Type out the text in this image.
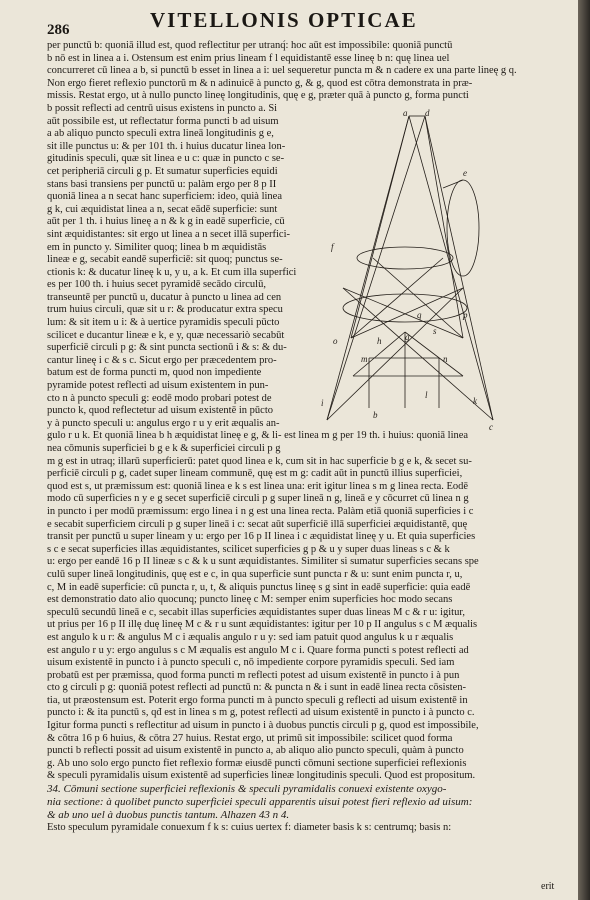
286	VITELLONIS OPTICAE
per punctū b: quoniā illud est, quod reflectitur per utranq́: hoc aūt est impossibile: quoniā punctū
b nō est in linea a i. Ostensum est enim prius lineam f l equidistantē esse lineę b n: quę linea uel
concurreret cū linea a b, si punctū b esset in linea a i: uel sequeretur puncta m & n cadere ex una parte lineę g q.
Non ergo fieret reflexio punctorū m & n adinuicē à puncto g, & g, quod est cōtra demonstrata in præ-
missis. Restat ergo, ut à nullo puncto lineę longitudinis, quę e g, præter quā à puncto g, forma puncti
b possit reflecti ad centrū uisus existens in puncto a. Si
aūt possibile est, ut reflectatur forma puncti b ad uisum
a ab aliquo puncto speculi extra lineā longitudinis g e,
sit ille punctus u: & per 101 th. i huius ducatur linea lon-
gitudinis speculi, quæ sit linea e u c: quæ in puncto c se-
cet peripheriā circuli g p. Et sumatur superficies equidi
stans basi transiens per punctū u: palàm ergo per 8 p II
quoniā linea a n secat hanc superficiem: ideo, quià linea
g k, cui æquidistat linea a n, secat eādē superficie: sunt
aūt per 1 th. i huius lineę a n & k g in eadē superficie, cū
sint æquidistantes: sit ergo ut linea a n secet illā superfici-
em in puncto y. Similiter quoq; linea b m æquidistās
lineæ e g, secabit eandē superficiē: sit quoq; punctus se-
ctionis k: & ducatur lineę k u, y u, a k. Et cum illa superfici
es per 100 th. i huius secet pyramidē secādo circulū,
transeuntē per punctū u, ducatur à puncto u linea ad cen
trum huius circuli, quæ sit u r: & producatur extra specu
lum: & sit item u i: & à uertice pyramidis speculi pūcto
scilicet e ducantur lineæ e k, e y, quæ necessariò secabūt
superficiē circuli p g: & sint puncta sectionū i & s: & du-
cantur lineę i c & s c. Sicut ergo per præcedentem pro-
batum est de forma puncti m, quod non impediente
pyramide potest reflecti ad uisum existentem in pun-
cto n à puncto speculi g: eodē modo probari potest de
puncto k, quod reflectetur ad uisum existentē in pūcto
y à puncto speculi u: angulus ergo r u y erit æqualis an-
gulo r u k. Et quoniā linea b h æquidistat lineę e g, & li- est linea m g per 19 th. i huius: quoniā linea
nea cōmunis superficiei b g e k & superficiei circuli p g
m g est in utraq; illarū superficierū: patet quod linea e k, cum sit in hac superficie b g e k, & secet su-
perficiē circuli p g, cadet super lineam communē, quę est m g: cadit aūt in punctū illius superficiei,
quod est s, ut præmissum est: quoniā linea e k s est linea una: erit igitur linea s m g linea recta. Eodē
modo cū superficies n y e g secet superficiē circuli p g super lineā n g, lineā e y cōcurret cū linea n g
in puncto i per modū præmissum: ergo linea i n g est una linea recta. Palàm etiā quoniā superficies i c
e secabit superficiem circuli p g super lineā i c: secat aūt superficiē illā superficiei æquidistantē, quę
transit per punctū u super lineam y u: ergo per 16 p II linea i c æquidistat lineę y u. Et quia superficies
s c e secat superficies illas æquidistantes, scilicet superficies g p & u y super duas lineas s c & k
u: ergo per eandē 16 p II lineæ s c & k u sunt æquidistantes. Similiter si sumatur superficies secans spe
culū super lineā longitudinis, quę est e c, in qua superficie sunt puncta r & u: sunt enim puncta r, u,
c, M in eadē superficie: cū puncta r, u, t, & aliquis punctus lineę s g sint in eadē superficie: quia eadē
est demonstratio dato alio quocunq; puncto lineę c M: semper enim superficies hoc modo secans
speculū secundū lineā e c, secabit illas superficies æquidistantes super duas lineas M c & r u: igitur,
ut prius per 16 p II illę duę lineę M c & r u sunt æquidistantes: igitur per 10 p II angulus s c M æqualis
est angulo k u r: & angulus M c i æqualis angulo r u y: sed iam patuit quod angulus k u r æqualis
est angulo r u y: ergo angulus s c M æqualis est angulo M c i. Quare forma puncti s potest reflecti ad
uisum existentē in puncto i à puncto speculi c, nō impediente corpore pyramidis speculi. Sed iam
probatū est per præmissa, quod forma puncti m reflecti potest ad uisum existentē in puncto i à pun
cto g circuli p g: quoniā potest reflecti ad punctū n: & puncta n & i sunt in eadē linea recta cōsisten-
tia, ut præostensum est. Poterit ergo forma puncti m à puncto speculi g reflecti ad uisum existentē in
puncto i: & ita punctū s, qđ est in linea s m g, potest reflecti ad uisum existentē in puncto i à puncto c.
Igitur forma puncti s reflectitur ad uisum in puncto i à duobus punctis circuli p g, quod est impossibile,
& cōtra 16 p 6 huius, & cōtra 27 huius. Restat ergo, ut primū sit impossibile: scilicet quod forma
puncti b reflecti possit ad uisum existentē in puncto a, ab aliquo alio puncto speculi, quàm à puncto
g. Ab uno solo ergo puncto fiet reflexio formæ eiusdē puncti cōmuni sectione superficiei reflexionis
& speculi pyramidalis uisum existentē ad superficies lineæ longitudinis speculi. Quod est propositum.
34. Cōmuni sectione superficiei reflexionis & speculi pyramidalis conuexi existente oxygo-
nia sectione: à quolibet puncto superficiei speculi apparentis uisui potest fieri reflexio ad uisum:
& ab uno uel à duobus punctis tantum. Alhazen 43 n 4.
Esto speculum pyramidale conuexum f k s: cuius uertex f: diameter basis k s: centrumq; basis n:
a d
e
f
g
h
i	k
l
m	n
o
p
q
s
c
b
erit
